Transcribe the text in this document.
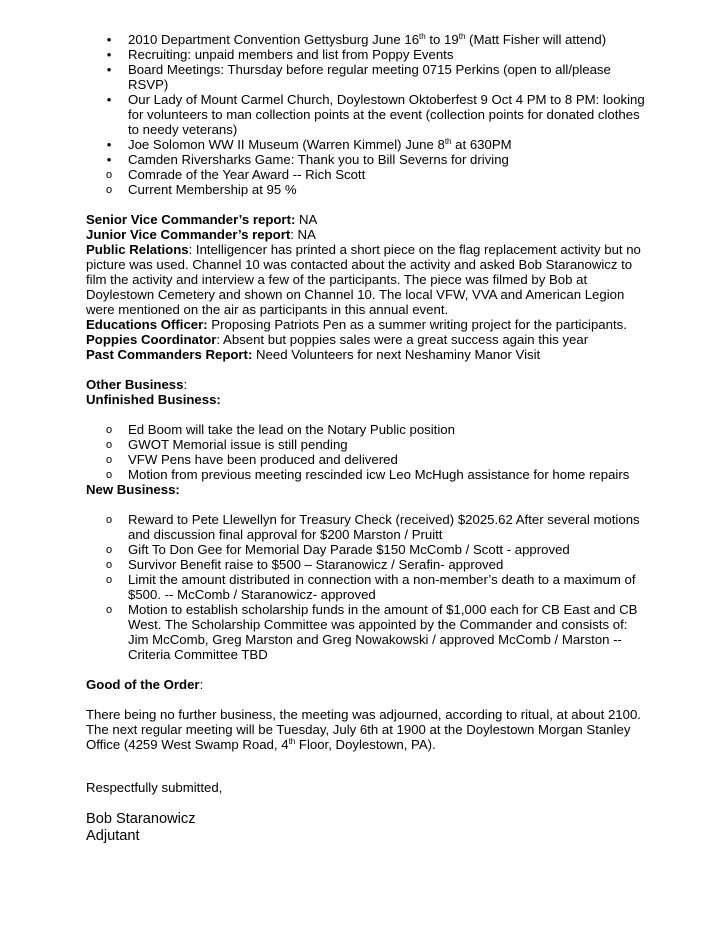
•	2010 Department Convention Gettysburg June 16th to 19th (Matt Fisher will attend)
•	Recruiting: unpaid members and list from Poppy Events
•	Board Meetings: Thursday before regular meeting 0715 Perkins (open to all/please RSVP)
•	Our Lady of Mount Carmel Church, Doylestown Oktoberfest 9 Oct 4 PM to 8 PM: looking for volunteers to man collection points at the event (collection points for donated clothes to needy veterans)
•	Joe Solomon WW II Museum (Warren Kimmel) June 8th at 630PM
•	Camden Riversharks Game: Thank you to Bill Severns for driving
o Comrade of the Year Award -- Rich Scott
o Current Membership at 95 %

Senior Vice Commander’s report: NA

Junior Vice Commander’s report: NA

Public Relations: Intelligencer has printed a short piece on the flag replacement activity but no picture was used. Channel 10 was contacted about the activity and asked Bob Staranowicz to film the activity and interview a few of the participants. The piece was filmed by Bob at Doylestown Cemetery and shown on Channel 10. The local VFW, VVA and American Legion were mentioned on the air as participants in this annual event.

Educations Officer: Proposing Patriots Pen as a summer writing project for the participants.

Poppies Coordinator: Absent but poppies sales were a great success again this year

Past Commanders Report: Need Volunteers for next Neshaminy Manor Visit

Other Business:

Unfinished Business:

o Ed Boom will take the lead on the Notary Public position
o GWOT Memorial issue is still pending
o VFW Pens have been produced and delivered
o Motion from previous meeting rescinded icw Leo McHugh assistance for home repairs

New Business:

o Reward to Pete Llewellyn for Treasury Check (received) $2025.62 After several motions and discussion final approval for $200 Marston / Pruitt
o Gift To Don Gee for Memorial Day Parade $150 McComb / Scott - approved
o Survivor Benefit raise to $500 – Staranowicz / Serafin- approved
o Limit the amount distributed in connection with a non-member’s death to a maximum of $500. -- McComb / Staranowicz- approved
o Motion to establish scholarship funds in the amount of $1,000 each for CB East and CB West. The Scholarship Committee was appointed by the Commander and consists of: Jim McComb, Greg Marston and Greg Nowakowski / approved McComb / Marston -- Criteria Committee TBD

Good of the Order:

There being no further business, the meeting was adjourned, according to ritual, at about 2100. The next regular meeting will be Tuesday, July 6th at 1900 at the Doylestown Morgan Stanley Office (4259 West Swamp Road, 4th Floor, Doylestown, PA).

Respectfully submitted,

Bob Staranowicz

Adjutant
